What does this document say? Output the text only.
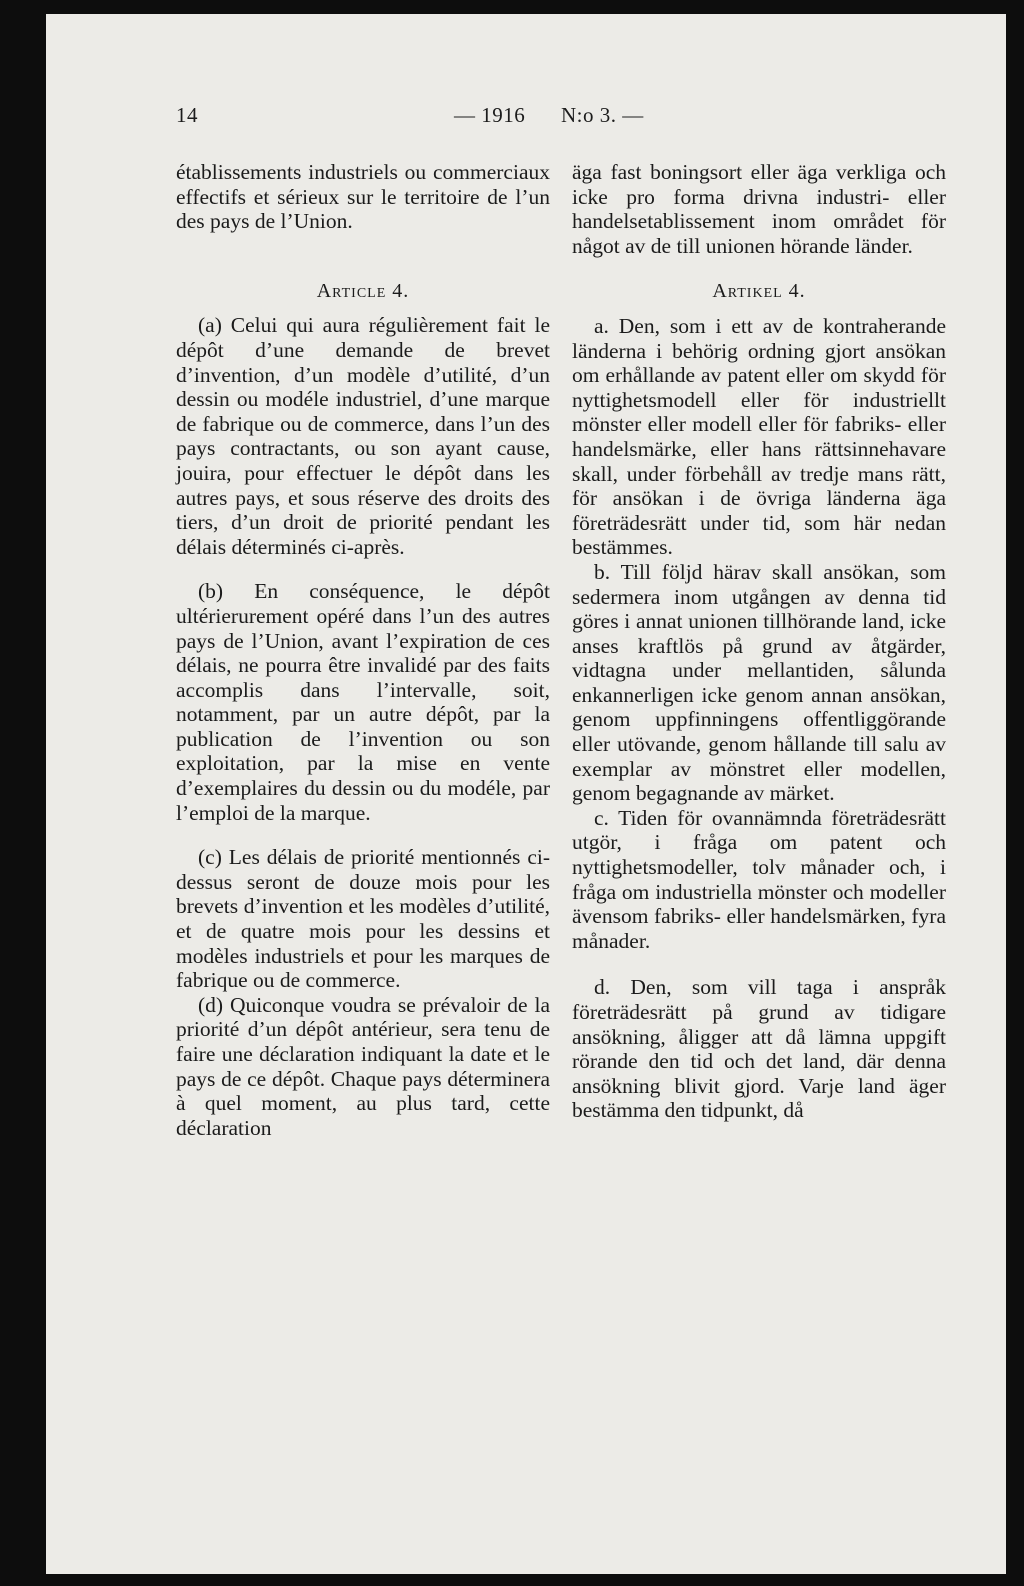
14	— 1916 N:o 3. —

établissements industriels ou commerciaux effectifs et sérieux sur le territoire de l’un des pays de l’Union.

Article 4.

(a) Celui qui aura régulièrement fait le dépôt d’une demande de brevet d’invention, d’un modèle d’utilité, d’un dessin ou modéle industriel, d’une marque de fabrique ou de commerce, dans l’un des pays contractants, ou son ayant cause, jouira, pour effectuer le dépôt dans les autres pays, et sous réserve des droits des tiers, d’un droit de priorité pendant les délais déterminés ci-après.

(b) En conséquence, le dépôt ultérierurement opéré dans l’un des autres pays de l’Union, avant l’expiration de ces délais, ne pourra être invalidé par des faits accomplis dans l’intervalle, soit, notamment, par un autre dépôt, par la publication de l’invention ou son exploitation, par la mise en vente d’exemplaires du dessin ou du modéle, par l’emploi de la marque.

(c) Les délais de priorité mentionnés ci-dessus seront de douze mois pour les brevets d’invention et les modèles d’utilité, et de quatre mois pour les dessins et modèles industriels et pour les marques de fabrique ou de commerce.

(d) Quiconque voudra se prévaloir de la priorité d’un dépôt antérieur, sera tenu de faire une déclaration indiquant la date et le pays de ce dépôt. Chaque pays déterminera à quel moment, au plus tard, cette déclaration

äga fast boningsort eller äga verkliga och icke pro forma drivna industri- eller handelsetablissement inom området för något av de till unionen hörande länder.

Artikel 4.

a. Den, som i ett av de kontraherande länderna i behörig ordning gjort ansökan om erhållande av patent eller om skydd för nyttighetsmodell eller för industriellt mönster eller modell eller för fabriks- eller handelsmärke, eller hans rättsinnehavare skall, under förbehåll av tredje mans rätt, för ansökan i de övriga länderna äga företrädesrätt under tid, som här nedan bestämmes.

b. Till följd härav skall ansökan, som sedermera inom utgången av denna tid göres i annat unionen tillhörande land, icke anses kraftlös på grund av åtgärder, vidtagna under mellantiden, sålunda enkannerligen icke genom annan ansökan, genom uppfinningens offentliggörande eller utövande, genom hållande till salu av exemplar av mönstret eller modellen, genom begagnande av märket.

c. Tiden för ovannämnda företrädesrätt utgör, i fråga om patent och nyttighetsmodeller, tolv månader och, i fråga om industriella mönster och modeller ävensom fabriks- eller handelsmärken, fyra månader.

d. Den, som vill taga i anspråk företrädesrätt på grund av tidigare ansökning, åligger att då lämna uppgift rörande den tid och det land, där denna ansökning blivit gjord. Varje land äger bestämma den tidpunkt, då
